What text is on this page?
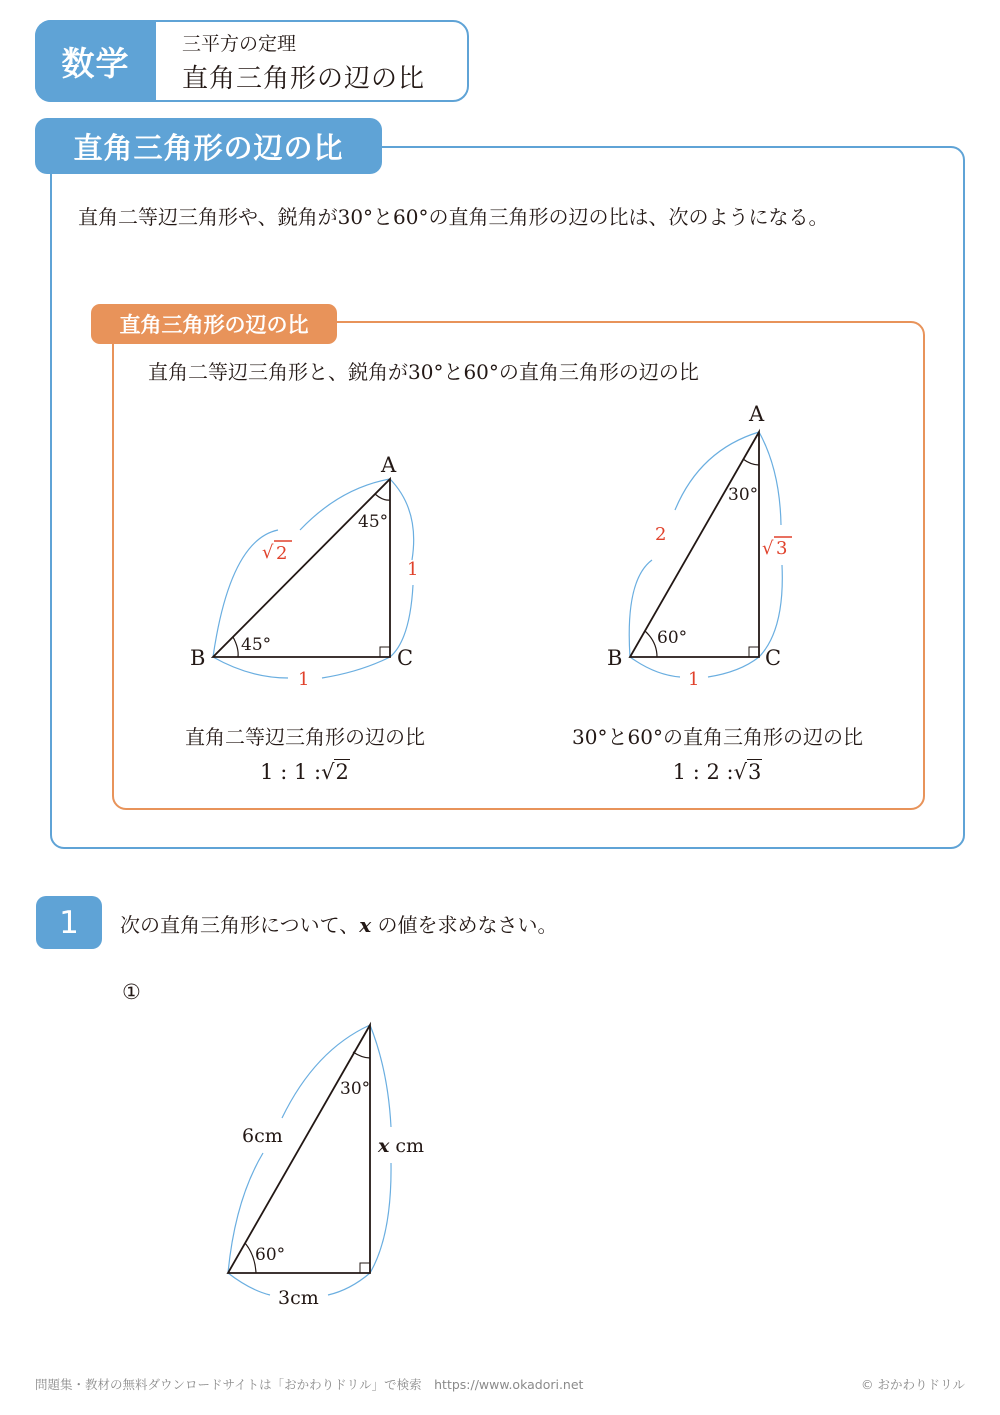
数学	三平方の定理
直角三角形の辺の比
直角三角形の辺の比
直角二等辺三角形や、鋭角が30°と60°の直角三角形の辺の比は、次のようになる。
直角三角形の辺の比
直角二等辺三角形と、鋭角が30°と60°の直角三角形の辺の比
A
B	C
45°
45°
√ 2
1
1
A
B	C
30°
60°
2
√ 3
1
30°
60°
6cm	x cm
3cm
直角二等辺三角形の辺の比
1 : 1 :√2
30°と60°の直角三角形の辺の比
1 : 2 :√3
1	次の直角三角形について、x の値を求めなさい。
①
問題集・教材の無料ダウンロードサイトは「おかわりドリル」で検索　https://www.okadori.net	© おかわりドリル
